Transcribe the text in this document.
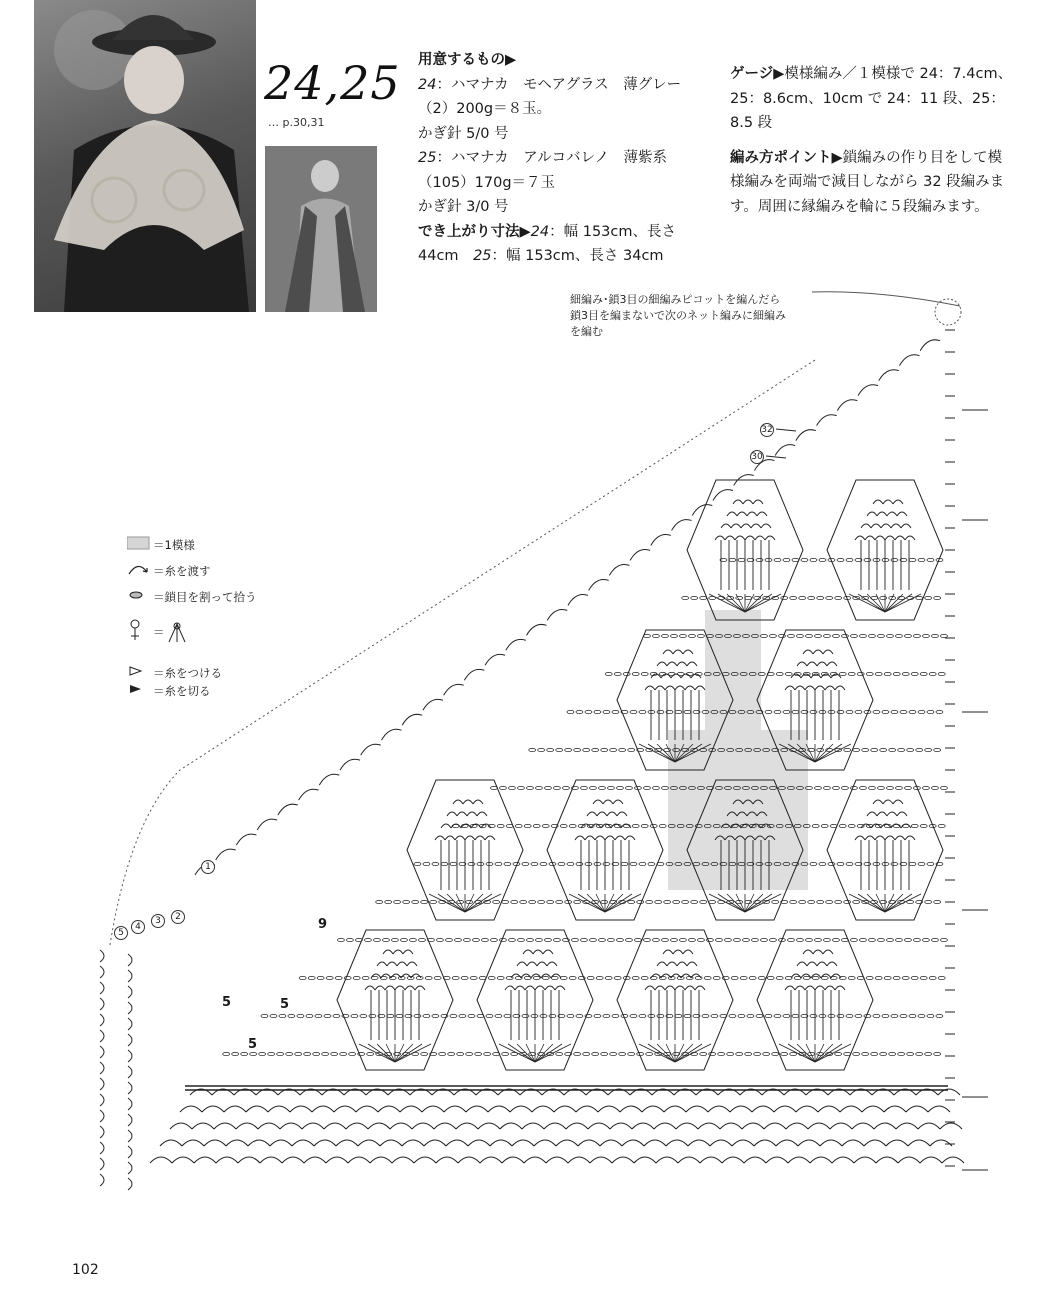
24,25
… p.30,31

用意するもの▶

24：ハマナカ　モヘアグラス　薄グレー（2）200g＝８玉。

かぎ針 5/0 号

25：ハマナカ　アルコバレノ　薄紫系（105）170g＝７玉

かぎ針 3/0 号

でき上がり寸法▶24：幅 153cm、長さ 44cm　 25：幅 153cm、長さ 34cm

ゲージ▶模様編み／１模様で 24：7.4cm、25：8.6cm、10cm で 24：11 段、25：8.5 段

編み方ポイント▶鎖編みの作り目をして模様編みを両端で減目しながら 32 段編みます。周囲に縁編みを輪に５段編みます。

細編み･鎖3目の細編みピコットを編んだら
鎖3目を編まないで次のネット編みに細編み
を編む
＝1模様
＝糸を渡す
＝鎖目を割って拾う
＝
＝糸をつける
＝糸を切る
32
30
1
2
3
4
5
9
5	5
5
102
